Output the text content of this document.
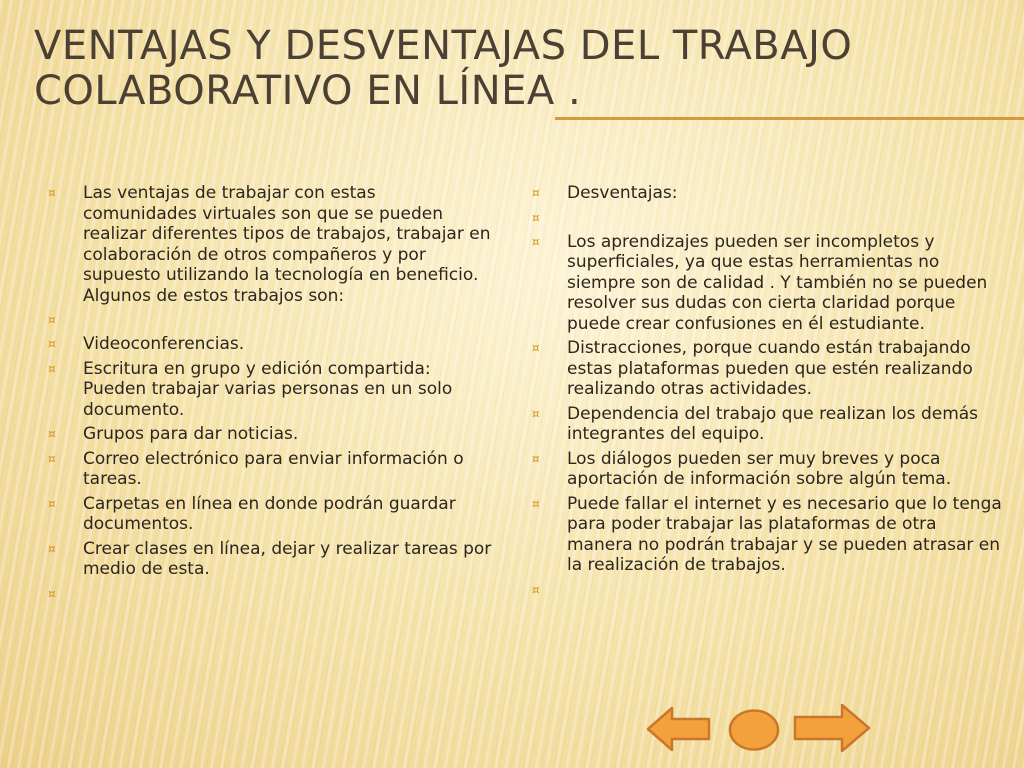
VENTAJAS Y DESVENTAJAS DEL TRABAJO COLABORATIVO EN LÍNEA .
¤	Las ventajas de trabajar con estas comunidades virtuales son que se pueden realizar diferentes tipos de trabajos, trabajar en colaboración de otros compañeros y por supuesto utilizando la tecnología en beneficio. Algunos de estos trabajos son:
¤
¤	Videoconferencias.
¤	Escritura en grupo y edición compartida: Pueden trabajar varias personas en un solo documento.
¤	Grupos para dar noticias.
¤	Correo electrónico para enviar información o tareas.
¤	Carpetas en línea en donde podrán guardar documentos.
¤	Crear clases en línea, dejar y realizar tareas por medio de esta.
¤
¤	Desventajas:
¤
¤	Los aprendizajes pueden ser incompletos y superficiales, ya que estas herramientas no siempre son de calidad . Y también no se pueden resolver sus dudas con cierta claridad porque puede crear confusiones en él estudiante.
¤	Distracciones, porque cuando están trabajando estas plataformas pueden que estén realizando realizando otras actividades.
¤	Dependencia del trabajo que realizan los demás integrantes del equipo.
¤	Los diálogos pueden ser muy breves y poca aportación de información sobre algún tema.
¤	Puede fallar el internet y es necesario que lo tenga para poder trabajar las plataformas de otra manera no podrán trabajar y se pueden atrasar en la realización de trabajos.
¤
